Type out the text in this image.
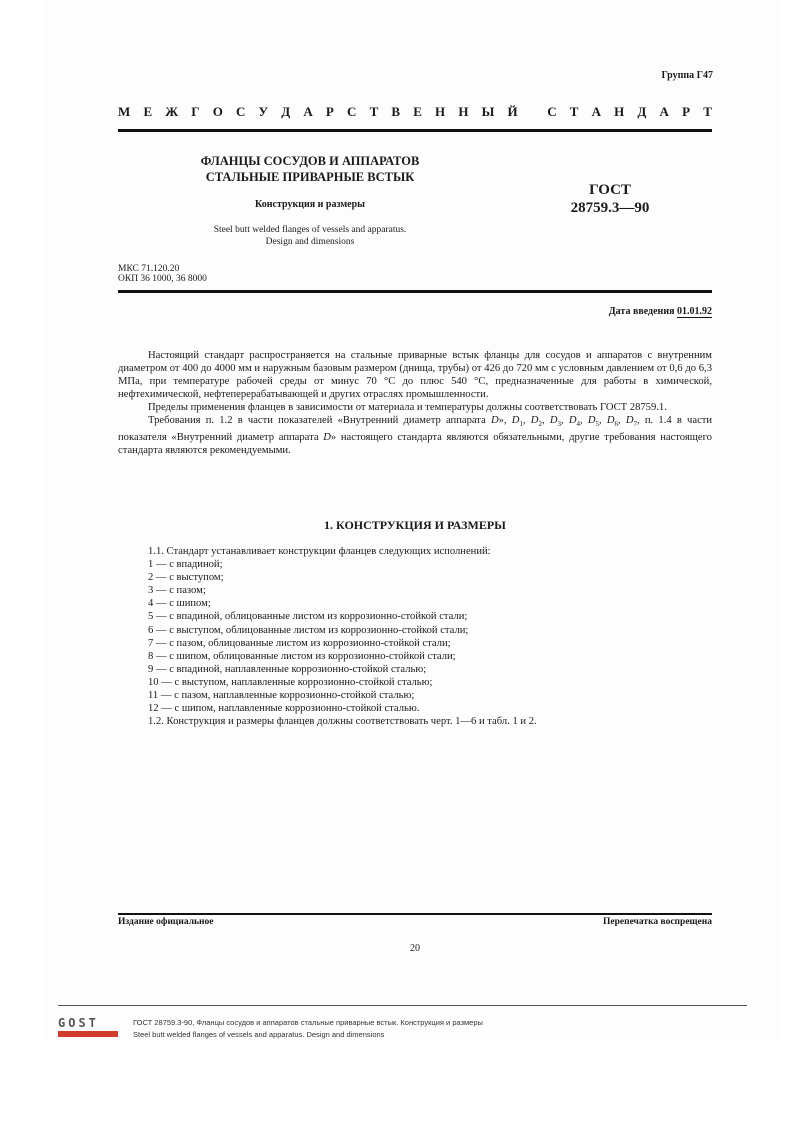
Группа Г47
М Е Ж Г О С У Д А Р С Т В Е Н Н Ы Й
С Т А Н Д А Р Т
ФЛАНЦЫ СОСУДОВ И АППАРАТОВ
СТАЛЬНЫЕ ПРИВАРНЫЕ ВСТЫК
Конструкция и размеры
Steel butt welded flanges of vessels and apparatus.
Design and dimensions
ГОСТ
28759.3—90
МКС 71.120.20
ОКП 36 1000, 36 8000
Дата введения 01.01.92

Настоящий стандарт распространяется на стальные приварные встык фланцы для сосудов и аппаратов с внутренним диаметром от 400 до 4000 мм и наружным базовым размером (днища, трубы) от 426 до 720 мм с условным давлением от 0,6 до 6,3 МПа, при температуре рабочей среды от минус 70 °С до плюс 540 °С, предназначенные для работы в химической, нефтехимической, нефтеперерабатывающей и других отраслях промышленности.

Пределы применения фланцев в зависимости от материала и температуры должны соответствовать ГОСТ 28759.1.

Требования п. 1.2 в части показателей «Внутренний диаметр аппарата D», $D_1$, $D_2$, $D_3$, $D_4$, $D_5$, $D_6$, $D_7$, п. 1.4 в части показателя «Внутренний диаметр аппарата D» настоящего стандарта являются обязательными, другие требования настоящего стандарта являются рекомендуемыми.

1. КОНСТРУКЦИЯ И РАЗМЕРЫ
1.1. Стандарт устанавливает конструкции фланцев следующих исполнений:
1 — с впадиной;
2 — с выступом;
3 — с пазом;
4 — с шипом;
5 — с впадиной, облицованные листом из коррозионно-стойкой стали;
6 — с выступом, облицованные листом из коррозионно-стойкой стали;
7 — с пазом, облицованные листом из коррозионно-стойкой стали;
8 — с шипом, облицованные листом из коррозионно-стойкой стали;
9 — с впадиной, наплавленные коррозионно-стойкой сталью;
10 — с выступом, наплавленные коррозионно-стойкой сталью;
11 — с пазом, наплавленные коррозионно-стойкой сталью;
12 — с шипом, наплавленные коррозионно-стойкой сталью.
1.2. Конструкция и размеры фланцев должны соответствовать черт. 1—6 и табл. 1 и 2.
Издание официальное	Перепечатка воспрещена
20
GOST	ГОСТ 28759.3-90, Фланцы сосудов и аппаратов стальные приварные встык. Конструкция и размеры
Steel butt welded flanges of vessels and apparatus. Design and dimensions
